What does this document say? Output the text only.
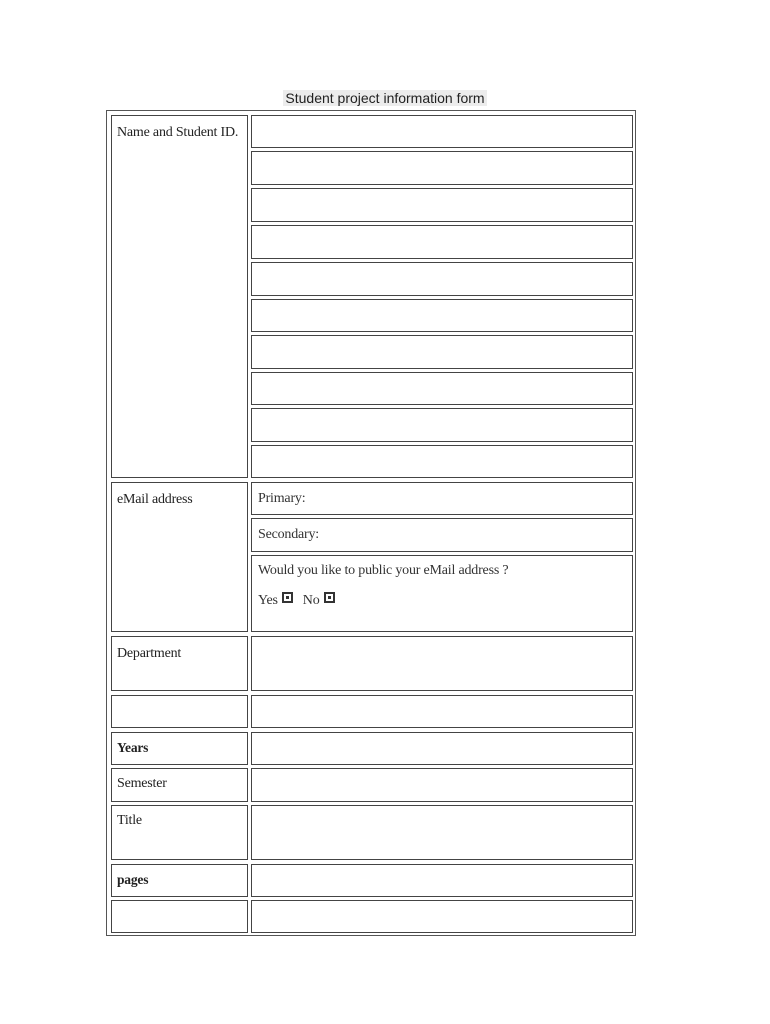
Student project information form
Name and Student ID.
eMail address	Primary:
Secondary:
Would you like to public your eMail address ?
Yes No
Department
Years
Semester
Title
pages
